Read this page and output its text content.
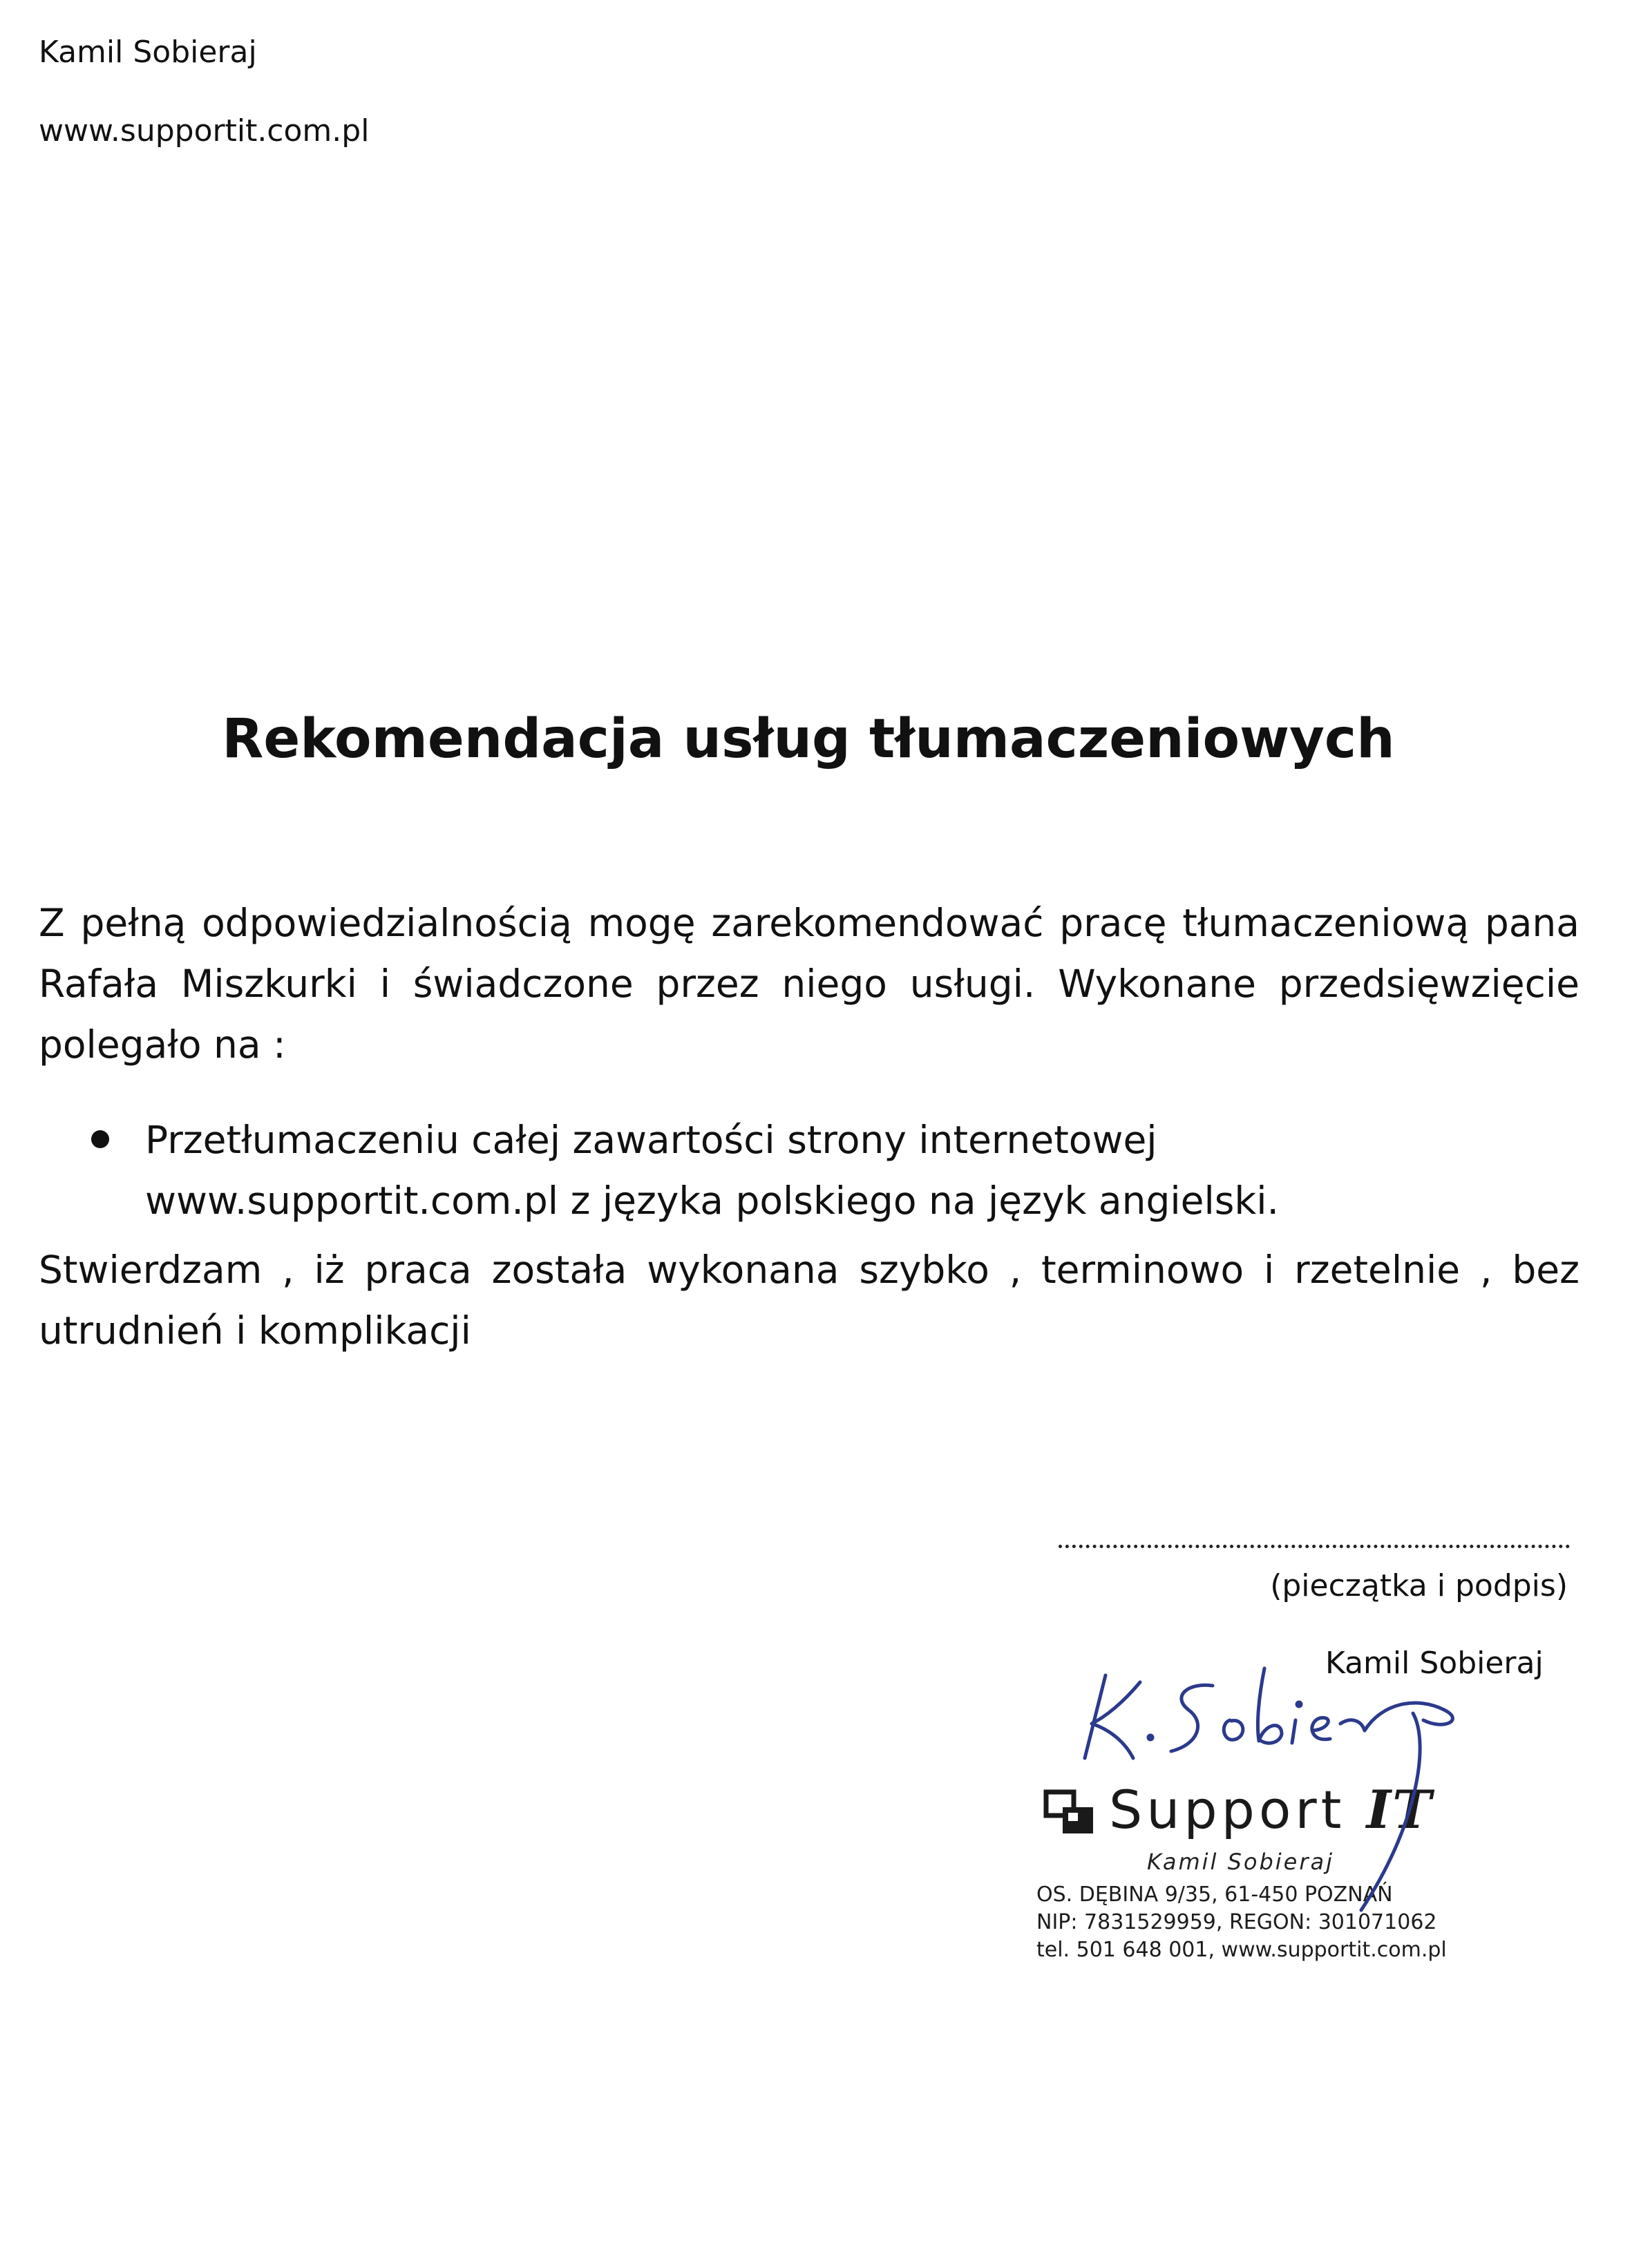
Kamil Sobieraj
www.supportit.com.pl
Rekomendacja usług tłumaczeniowych
Z pełną odpowiedzialnością mogę zarekomendować pracę tłumaczeniową pana Rafała Miszkurki i świadczone przez niego usługi. Wykonane przedsięwzięcie polegało na :
Przetłumaczeniu całej zawartości strony internetowej
www.supportit.com.pl z języka polskiego na język angielski.
Stwierdzam , iż praca została wykonana szybko , terminowo i rzetelnie , bez utrudnień i komplikacji
Support IT
Kamil Sobieraj
OS. DĘBINA 9/35, 61-450 POZNAŃ
NIP: 7831529959, REGON: 301071062
tel. 501 648 001, www.supportit.com.pl
(pieczątka i podpis)
Kamil Sobieraj
